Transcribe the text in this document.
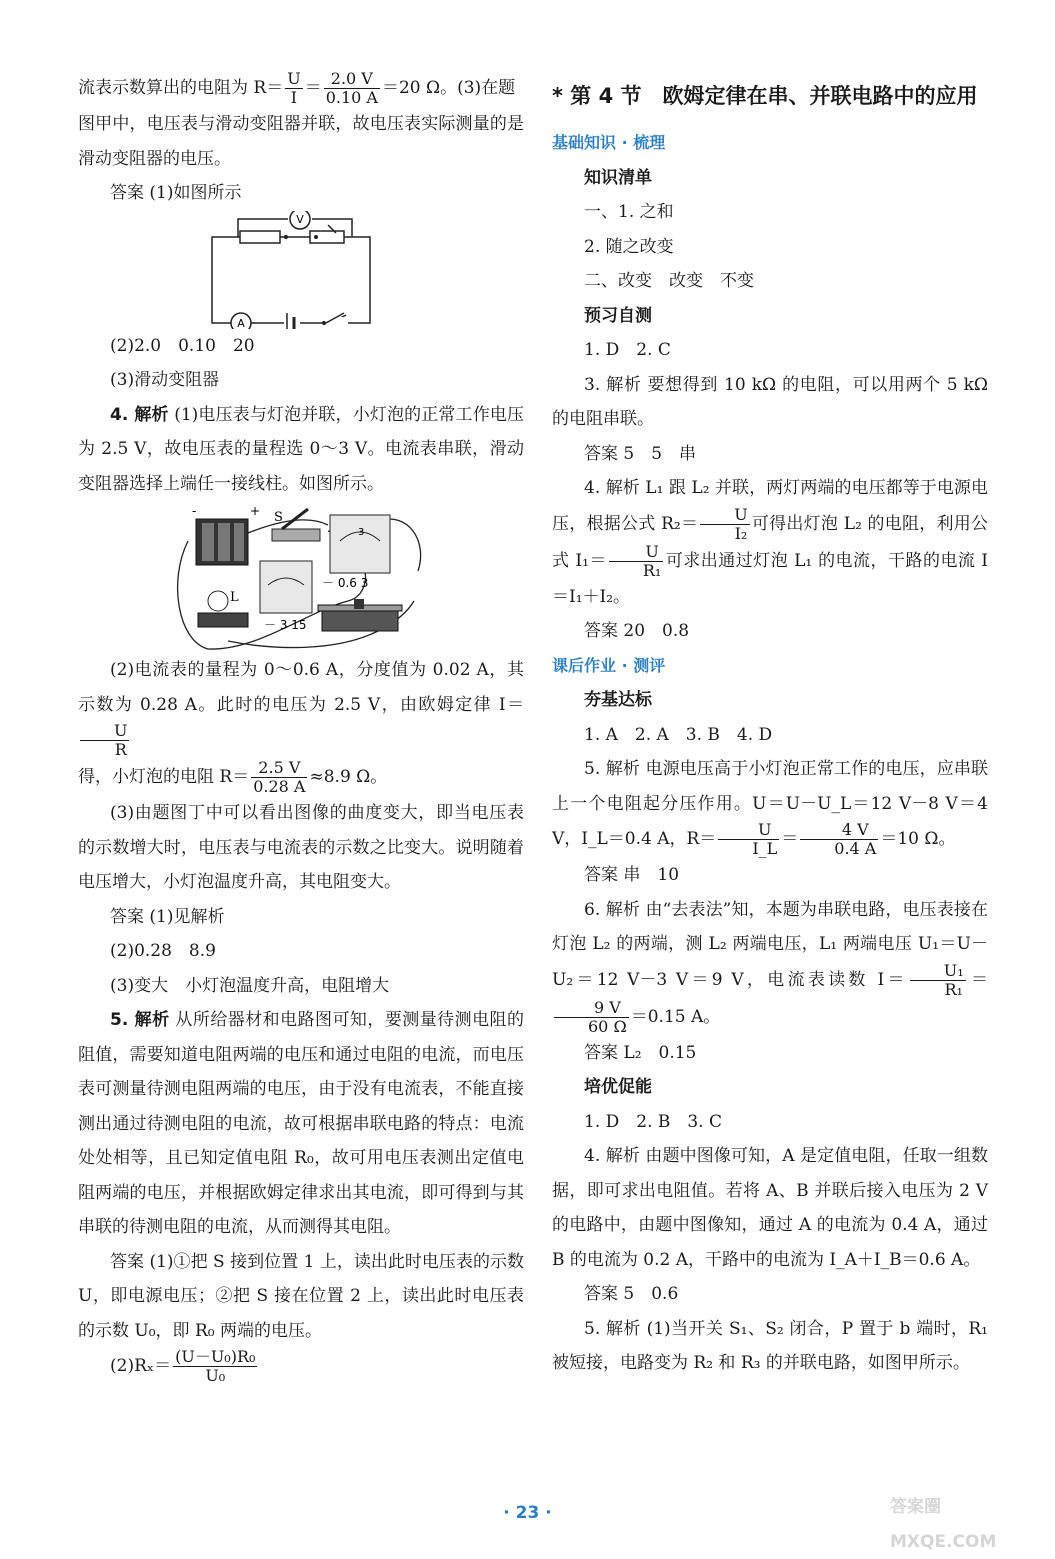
流表示数算出的电阻为 $R= \frac{U}{I} = \frac{2.0 V}{0.10 A} =20$ Ω。(3)在题

图甲中，电压表与滑动变阻器并联，故电压表实际测量的是滑动变阻器的电压。

答案 (1)如图所示

V
A

(2)2.0　0.10　20

(3)滑动变阻器

4. 解析 (1)电压表与灯泡并联，小灯泡的正常工作电压为 2.5 V，故电压表的量程选 0～3 V。电流表串联，滑动变阻器选择上端任一接线柱。如图所示。

-	+ S
3
－ 0.6 3
－ 3 15
L

(2)电流表的量程为 0～0.6 A，分度值为 0.02 A，其示数为 0.28 A。此时的电压为 2.5 V，由欧姆定律 I＝
$\frac{U}{R}$

得，小灯泡的电阻 $R= \frac{2.5 V}{0.28 A} \approx 8.9$ Ω。

(3)由题图丁中可以看出图像的曲度变大，即当电压表的示数增大时，电压表与电流表的示数之比变大。说明随着电压增大，小灯泡温度升高，其电阻变大。

答案 (1)见解析

(2)0.28　8.9

(3)变大　小灯泡温度升高，电阻增大

5. 解析 从所给器材和电路图可知，要测量待测电阻的阻值，需要知道电阻两端的电压和通过电阻的电流，而电压表可测量待测电阻两端的电压，由于没有电流表，不能直接测出通过待测电阻的电流，故可根据串联电路的特点：电流处处相等，且已知定值电阻 R₀，故可用电压表测出定值电阻两端的电压，并根据欧姆定律求出其电流，即可得到与其串联的待测电阻的电流，从而测得其电阻。

答案 (1)①把 S 接到位置 1 上，读出此时电压表的示数 U，即电源电压；②把 S 接在位置 2 上，读出此时电压表的示数 U₀，即 R₀ 两端的电压。

$(2)R_x= \frac{\text{(U－U₀)R₀}}{\text{U₀}}$

* 第 4 节　欧姆定律在串、并联电路中的应用

基础知识 · 梳理

知识清单

一、1. 之和

2. 随之改变

二、改变　改变　不变

预习自测

1. D　2. C

3. 解析 要想得到 10 kΩ 的电阻，可以用两个 5 kΩ 的电阻串联。

答案 5　5　串

4. 解析 L₁ 跟 L₂ 并联，两灯两端的电压都等于电源电压，根据公式 $R_2= \frac{U}{\text{I₂}}$ 可得出灯泡 L₂ 的电阻，利用公式 $I_1= \frac{U}{\text{R₁}}$ 可求出通过灯泡 L₁ 的电流，干路的电流 I＝I₁＋I₂。

答案 20　0.8

课后作业 · 测评

夯基达标

1. A　2. A　3. B　4. D

5. 解析 电源电压高于小灯泡正常工作的电压，应串联上一个电阻起分压作用。U＝U－U_L＝12 V－8 V＝4 V，I_L＝0.4 A，$R= \frac{U}{I\_L} = \frac{4 V}{0.4 A} =10$ Ω。

答案 串　10

6. 解析 由“去表法”知，本题为串联电路，电压表接在灯泡 L₂ 的两端，测 L₂ 两端电压，L₁ 两端电压 U₁＝U－U₂＝12 V－3 V＝9 V，电流表读数 $I= \frac{\text{U₁}}{\text{R₁}}$ ＝
$\frac{9 V}{60 \Omega} =0.15$ A。

答案 L₂　0.15

培优促能

1. D　2. B　3. C

4. 解析 由题中图像可知，A 是定值电阻，任取一组数据，即可求出电阻值。若将 A、B 并联后接入电压为 2 V 的电路中，由题中图像知，通过 A 的电流为 0.4 A，通过 B 的电流为 0.2 A，干路中的电流为 I_A＋I_B＝0.6 A。

答案 5　0.6

5. 解析 (1)当开关 S₁、S₂ 闭合，P 置于 b 端时，R₁ 被短接，电路变为 R₂ 和 R₃ 的并联电路，如图甲所示。

· 23 ·	答案圈 MXQE.COM
